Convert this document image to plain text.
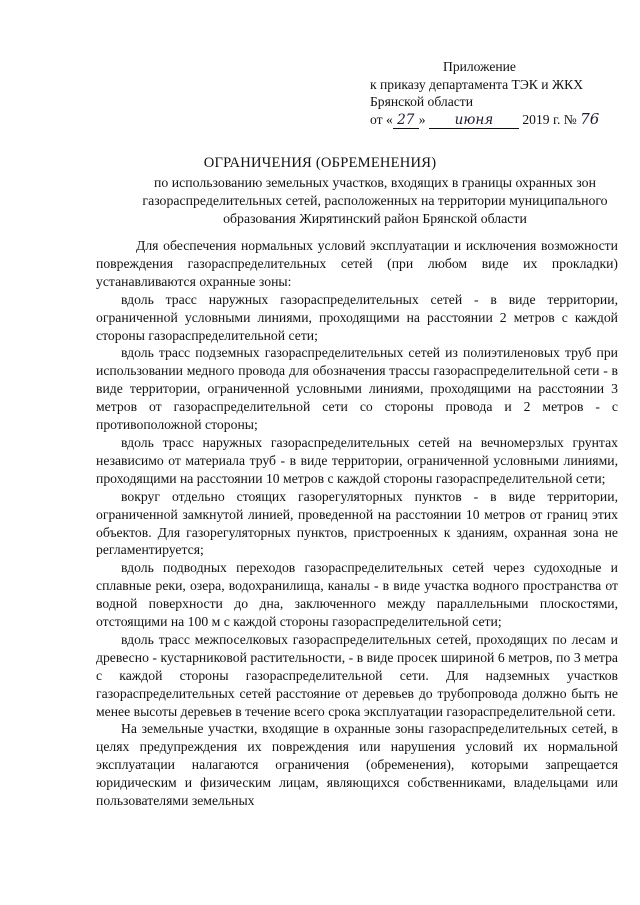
Приложение
к приказу департамента ТЭК и ЖКХ
Брянской области
от « 27 » июня 2019 г. № 76
ОГРАНИЧЕНИЯ (ОБРЕМЕНЕНИЯ)
по использованию земельных участков, входящих в границы охранных зон газораспределительных сетей, расположенных на территории муниципального образования Жирятинский район Брянской области

Для обеспечения нормальных условий эксплуатации и исключения возможности повреждения газораспределительных сетей (при любом виде их прокладки) устанавливаются охранные зоны:

вдоль трасс наружных газораспределительных сетей - в виде территории, ограниченной условными линиями, проходящими на расстоянии 2 метров с каждой стороны газораспределительной сети;

вдоль трасс подземных газораспределительных сетей из полиэтиленовых труб при использовании медного провода для обозначения трассы газораспределительной сети - в виде территории, ограниченной условными линиями, проходящими на расстоянии 3 метров от газораспределительной сети со стороны провода и 2 метров - с противоположной стороны;

вдоль трасс наружных газораспределительных сетей на вечномерзлых грунтах независимо от материала труб - в виде территории, ограниченной условными линиями, проходящими на расстоянии 10 метров с каждой стороны газораспределительной сети;

вокруг отдельно стоящих газорегуляторных пунктов - в виде территории, ограниченной замкнутой линией, проведенной на расстоянии 10 метров от границ этих объектов. Для газорегуляторных пунктов, пристроенных к зданиям, охранная зона не регламентируется;

вдоль подводных переходов газораспределительных сетей через судоходные и сплавные реки, озера, водохранилища, каналы - в виде участка водного пространства от водной поверхности до дна, заключенного между параллельными плоскостями, отстоящими на 100 м с каждой стороны газораспределительной сети;

вдоль трасс межпоселковых газораспределительных сетей, проходящих по лесам и древесно - кустарниковой растительности, - в виде просек шириной 6 метров, по 3 метра с каждой стороны газораспределительной сети. Для надземных участков газораспределительных сетей расстояние от деревьев до трубопровода должно быть не менее высоты деревьев в течение всего срока эксплуатации газораспределительной сети.

На земельные участки, входящие в охранные зоны газораспределительных сетей, в целях предупреждения их повреждения или нарушения условий их нормальной эксплуатации налагаются ограничения (обременения), которыми запрещается юридическим и физическим лицам, являющихся собственниками, владельцами или пользователями земельных
